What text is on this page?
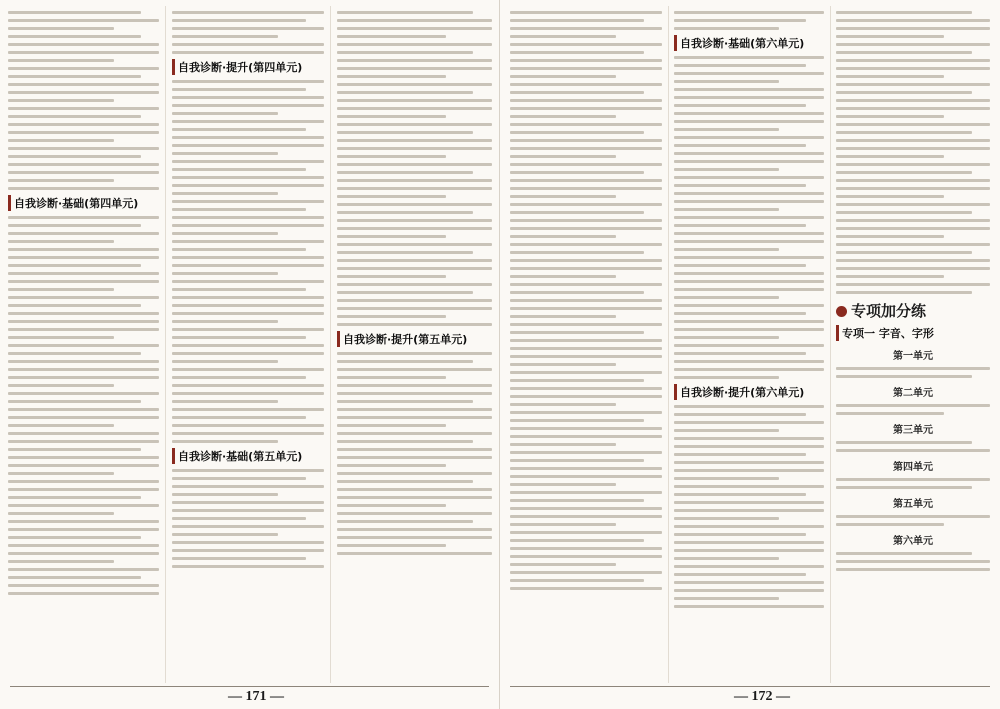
自我诊断·基础(第四单元)
自我诊断·提升(第四单元)
自我诊断·基础(第五单元)
自我诊断·提升(第五单元)
— 171 —
自我诊断·基础(第六单元)
自我诊断·提升(第六单元)
专项加分练
专项一 字音、字形
第一单元
第二单元
第三单元
第四单元
第五单元
第六单元
— 172 —
